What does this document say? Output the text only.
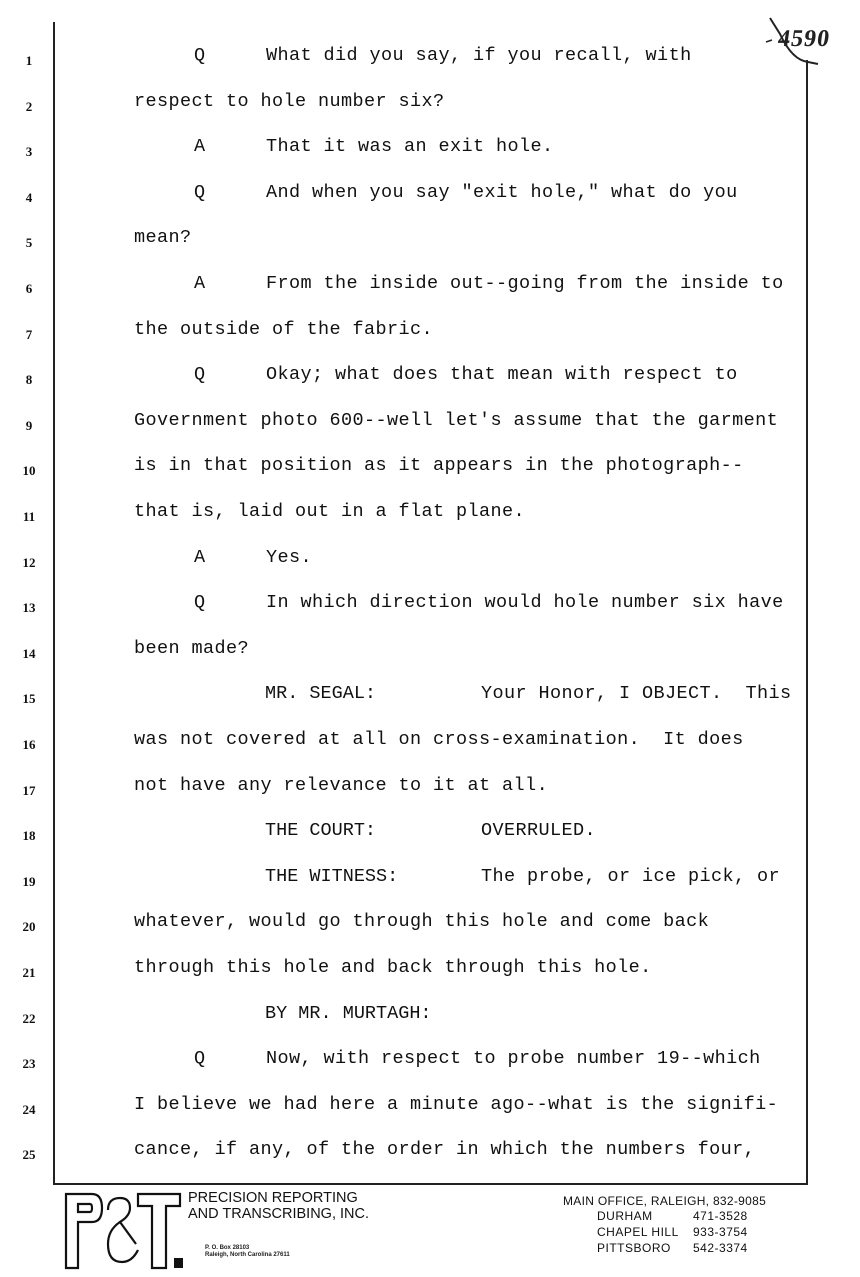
4590
1	Q	What did you say, if you recall, with
2	respect to hole number six?
3	A	That it was an exit hole.
4	Q	And when you say "exit hole," what do you
5	mean?
6	A	From the inside out--going from the inside to
7	the outside of the fabric.
8	Q	Okay; what does that mean with respect to
9	Government photo 600--well let's assume that the garment
10	is in that position as it appears in the photograph--
11	that is, laid out in a flat plane.
12	A	Yes.
13	Q	In which direction would hole number six have
14	been made?
15	MR. SEGAL:	Your Honor, I OBJECT.  This
16	was not covered at all on cross-examination.  It does
17	not have any relevance to it at all.
18	THE COURT:	OVERRULED.
19	THE WITNESS:	The probe, or ice pick, or
20	whatever, would go through this hole and come back
21	through this hole and back through this hole.
22	BY MR. MURTAGH:
23	Q	Now, with respect to probe number 19--which
24	I believe we had here a minute ago--what is the signifi-
25	cance, if any, of the order in which the numbers four,
PRECISION REPORTING
AND TRANSCRIBING, INC.
P. O. Box 28103
Raleigh, North Carolina 27611
MAIN OFFICE, RALEIGH, 832-9085
DURHAM	471-3528
CHAPEL HILL	933-3754
PITTSBORO	542-3374
